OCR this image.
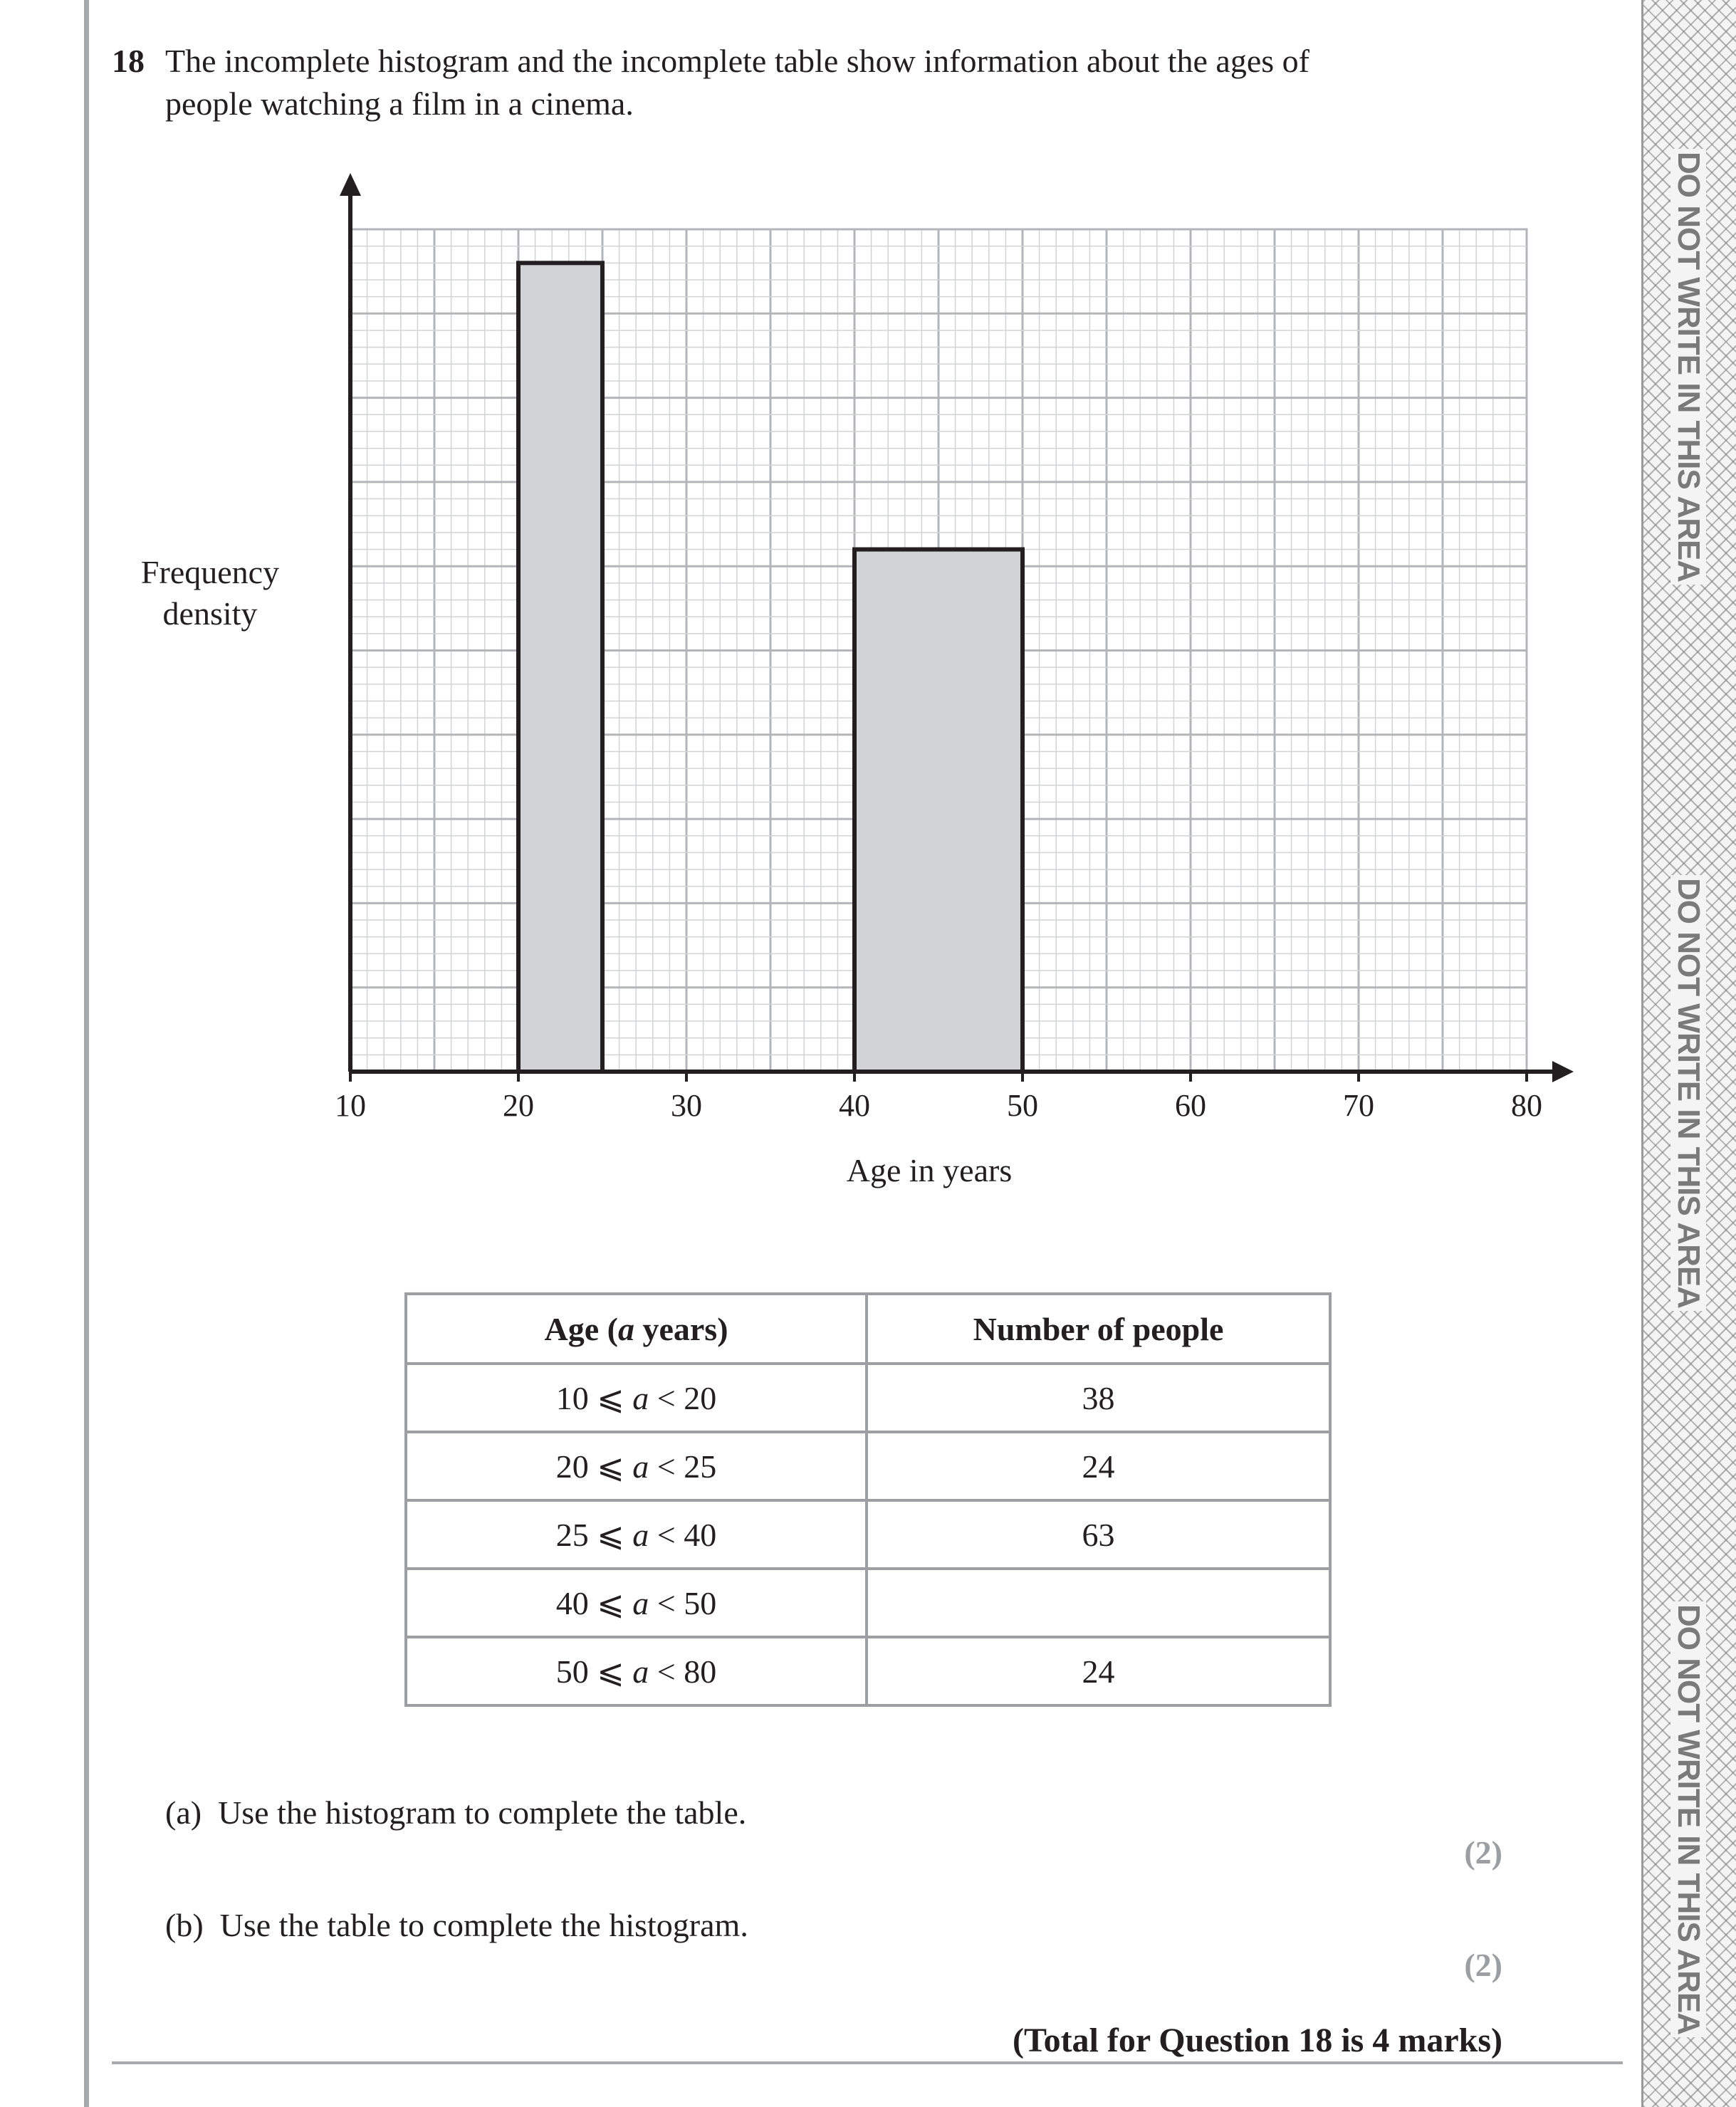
DO NOT WRITE IN THIS AREA
DO NOT WRITE IN THIS AREA
DO NOT WRITE IN THIS AREA
18 The incomplete histogram and the incomplete table show information about the ages of
people watching a film in a cinema.
Frequency
density
10	20	30	40	50	60	70	80
Age in years
Age (a years)	Number of people
10 ⩽ a < 20	38
20 ⩽ a < 25	24
25 ⩽ a < 40	63
40 ⩽ a < 50	
50 ⩽ a < 80	24
(a) Use the histogram to complete the table.
(2)
(b) Use the table to complete the histogram.
(2)
(Total for Question 18 is 4 marks)
